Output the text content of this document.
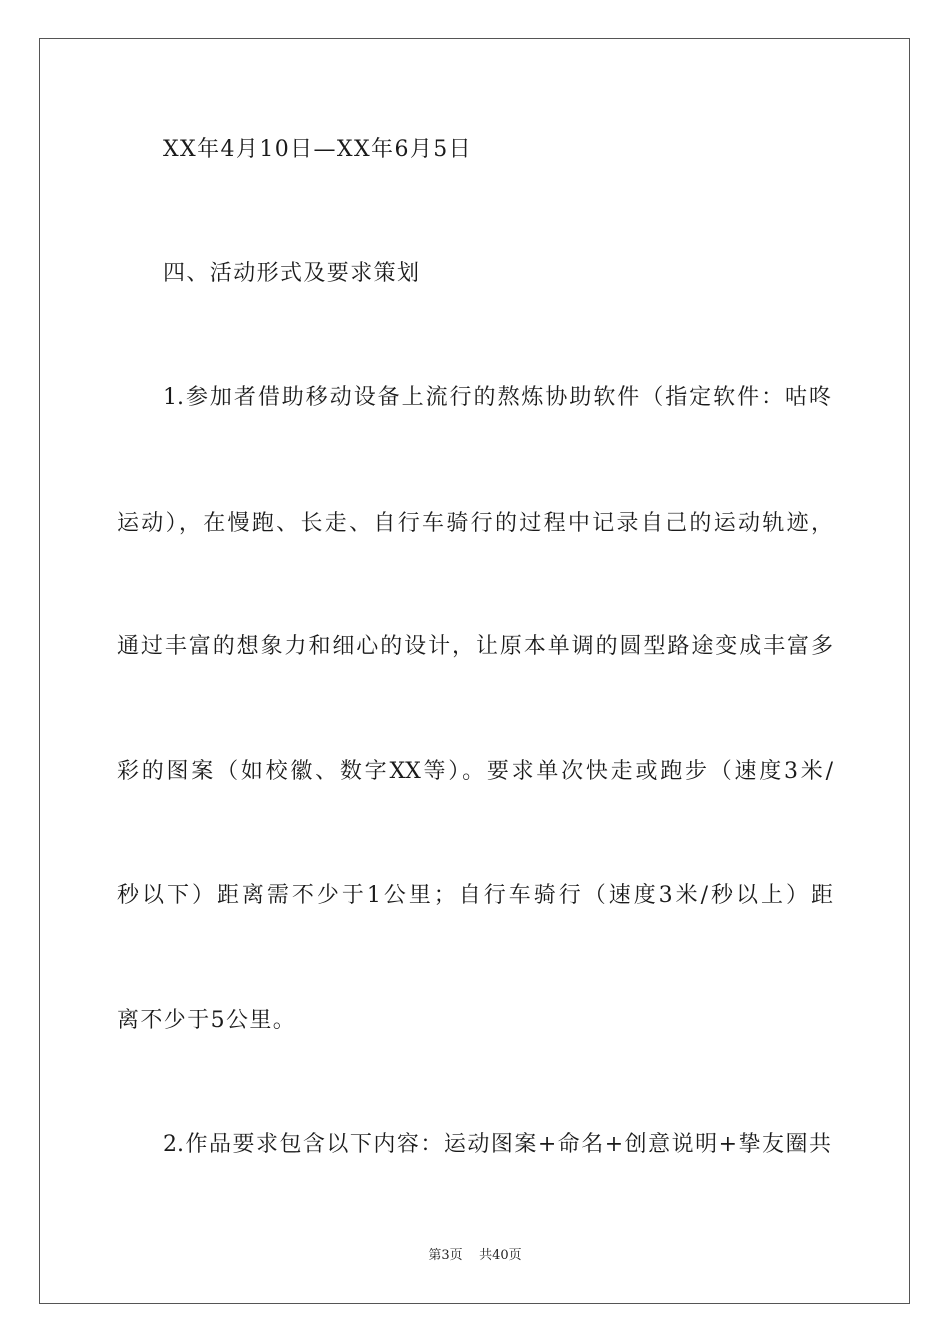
XX年4月10日—XX年6月5日
四、活动形式及要求策划
1.参加者借助移动设备上流行的熬炼协助软件（指定软件：咕咚
运动），在慢跑、长走、自行车骑行的过程中记录自己的运动轨迹，
通过丰富的想象力和细心的设计，让原本单调的圆型路途变成丰富多
彩的图案（如校徽、数字XX等）。要求单次快走或跑步（速度3米/
秒以下）距离需不少于1公里；自行车骑行（速度3米/秒以上）距
离不少于5公里。
2.作品要求包含以下内容：运动图案+命名+创意说明+挚友圈共
第3页 共40页
